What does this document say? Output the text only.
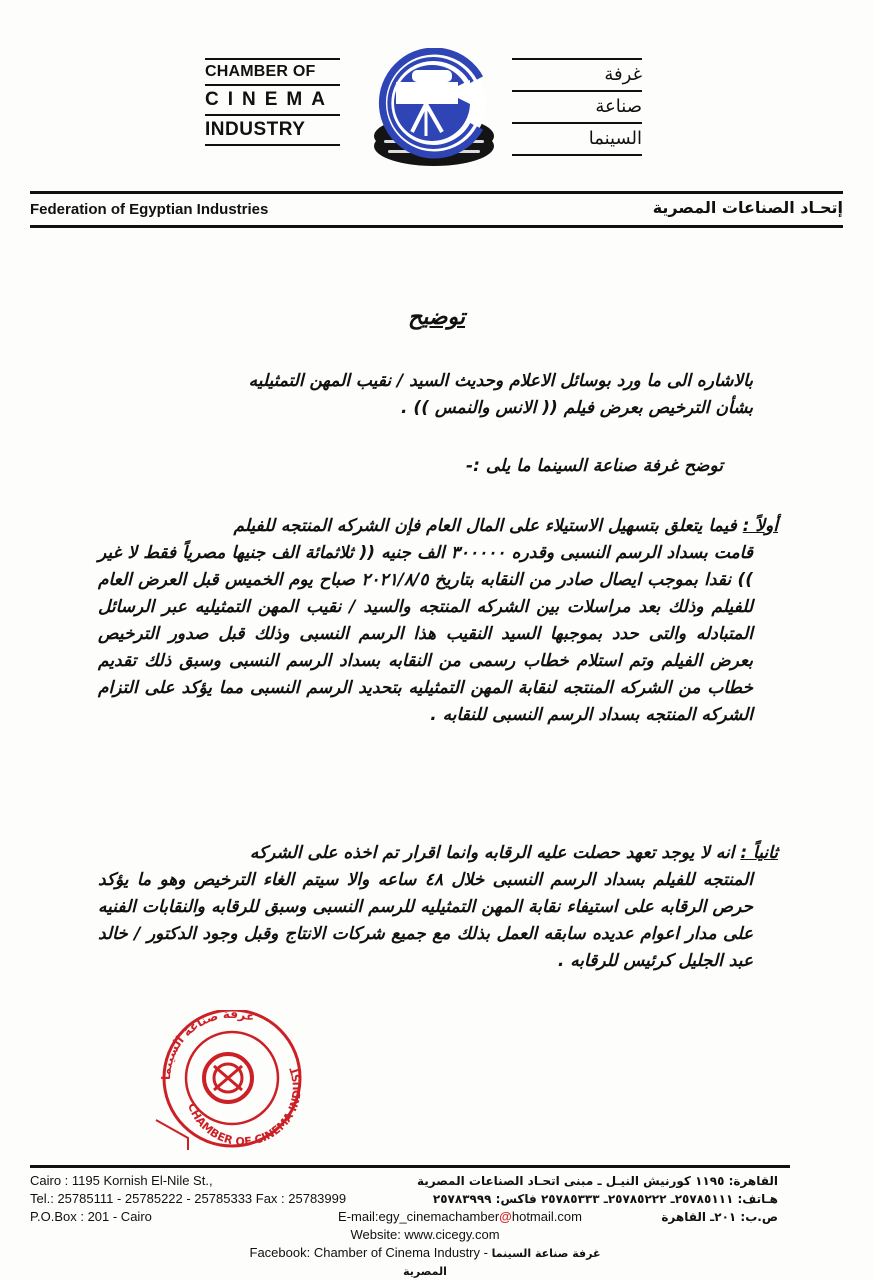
CHAMBER OF
CINEMA
INDUSTRY
غرفة
صناعة
السينما
Federation of Egyptian Industries	إتحـاد الصناعات المصرية
توضيح
بالاشاره الى ما ورد بوسائل الاعلام وحديث السيد / نقيب المهن التمثيليه
بشأن الترخيص بعرض فيلم (( الانس والنمس )) .
توضح غرفة صناعة السينما ما يلى :-
أولاً : فيما يتعلق بتسهيل الاستيلاء على المال العام فإن الشركه المنتجه للفيلم
قامت بسداد الرسم النسبى وقدره ٣٠٠٠٠٠ الف جنيه (( ثلاثمائة الف جنيها مصرياً فقط لا غير )) نقدا بموجب ايصال صادر من النقابه بتاريخ ٢٠٢١/٨/٥ صباح يوم الخميس قبل العرض العام للفيلم وذلك بعد مراسلات بين الشركه المنتجه والسيد / نقيب المهن التمثيليه عبر الرسائل المتبادله والتى حدد بموجبها السيد النقيب هذا الرسم النسبى وذلك قبل صدور الترخيص بعرض الفيلم وتم استلام خطاب رسمى من النقابه بسداد الرسم النسبى وسبق ذلك تقديم خطاب من الشركه المنتجه لنقابة المهن التمثيليه بتحديد الرسم النسبى مما يؤكد على التزام الشركه المنتجه بسداد الرسم النسبى للنقابه .
ثانياً : انه لا يوجد تعهد حصلت عليه الرقابه وانما اقرار تم اخذه على الشركه
المنتجه للفيلم بسداد الرسم النسبى خلال ٤٨ ساعه والا سيتم الغاء الترخيص وهو ما يؤكد حرص الرقابه على استيفاء نقابة المهن التمثيليه للرسم النسبى وسبق للرقابه والنقابات الفنيه على مدار اعوام عديده سابقه العمل بذلك مع جميع شركات الانتاج وقبل وجود الدكتور / خالد عبد الجليل كرئيس للرقابه .
CHAMBER OF CINEMA INDUST
غرفة صناعة السينما
Cairo : 1195 Kornish El-Nile St.,
Tel.: 25785111 - 25785222 - 25785333 Fax : 25783999
P.O.Box : 201 - Cairo
القاهرة: ١١٩٥ كورنيش النيـل ـ مبنى اتحـاد الصناعات المصرية
هـاتف: ٢٥٧٨٥١١١ـ ٢٥٧٨٥٢٢٢ـ ٢٥٧٨٥٣٣٣ فاكس: ٢٥٧٨٣٩٩٩
ص.ب: ٢٠١ـ القاهرة
E-mail:egy_cinemachamber@hotmail.com
Website: www.cicegy.com
Facebook: Chamber of Cinema Industry - غرفة صناعة السينما المصرية
